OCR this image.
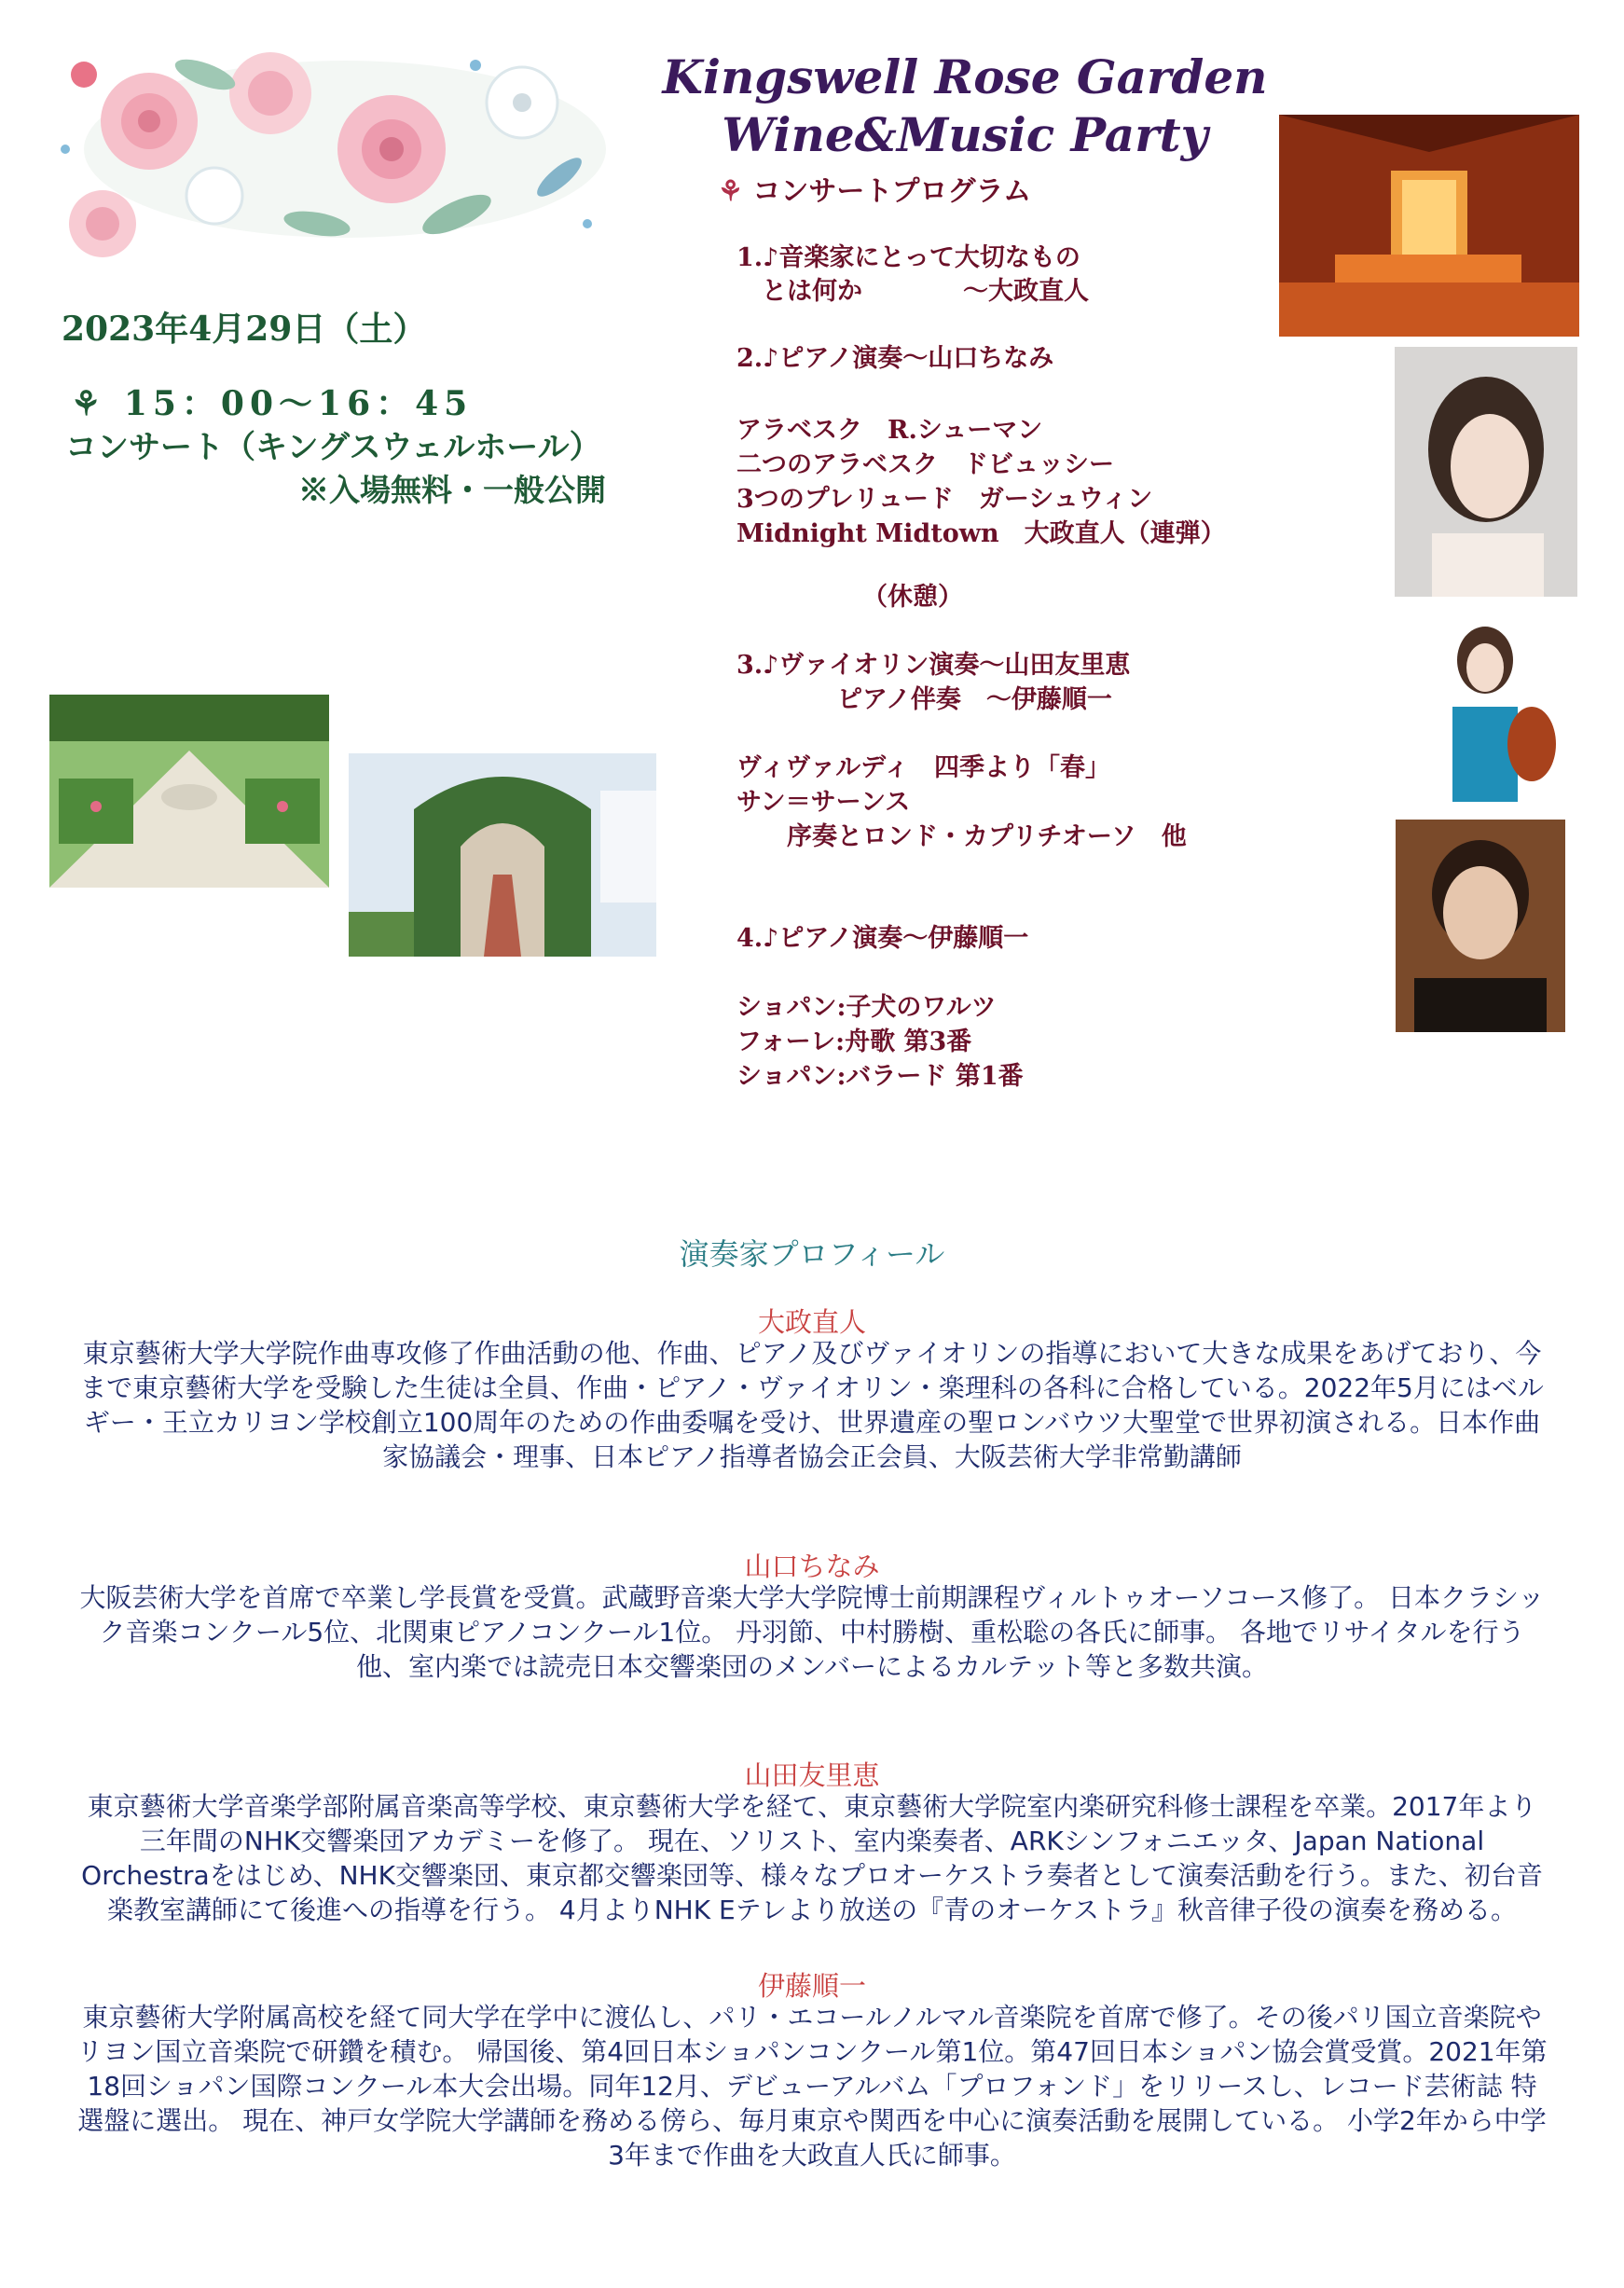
Kingswell Rose Garden
Wine&Music Party
2023年4月29日（土）
⚘ 15：00～16：45
コンサート（キングスウェルホール）
※入場無料・一般公開
⚘ コンサートプログラム
1.♪音楽家にとって大切なもの
　とは何か　　　　～大政直人
2.♪ピアノ演奏～山口ちなみ
アラベスク　R.シューマン
二つのアラベスク　ドビュッシー
3つのプレリュード　ガーシュウィン
Midnight Midtown　大政直人（連弾）
（休憩）
3.♪ヴァイオリン演奏～山田友里恵
　　　　ピアノ伴奏　～伊藤順一
ヴィヴァルディ　四季より「春」
サン＝サーンス
　　序奏とロンド・カプリチオーソ　他
4.♪ピアノ演奏～伊藤順一
ショパン:子犬のワルツ
フォーレ:舟歌 第3番
ショパン:バラード 第1番
演奏家プロフィール
大政直人
東京藝術大学大学院作曲専攻修了作曲活動の他、作曲、ピアノ及びヴァイオリンの指導において大きな成果をあげており、今まで東京藝術大学を受験した生徒は全員、作曲・ピアノ・ヴァイオリン・楽理科の各科に合格している。2022年5月にはベルギー・王立カリヨン学校創立100周年のための作曲委嘱を受け、世界遺産の聖ロンバウツ大聖堂で世界初演される。日本作曲家協議会・理事、日本ピアノ指導者協会正会員、大阪芸術大学非常勤講師
山口ちなみ
大阪芸術大学を首席で卒業し学長賞を受賞。武蔵野音楽大学大学院博士前期課程ヴィルトゥオーソコース修了。 日本クラシック音楽コンクール5位、北関東ピアノコンクール1位。 丹羽節、中村勝樹、重松聡の各氏に師事。 各地でリサイタルを行う他、室内楽では読売日本交響楽団のメンバーによるカルテット等と多数共演。
山田友里恵
東京藝術大学音楽学部附属音楽高等学校、東京藝術大学を経て、東京藝術大学院室内楽研究科修士課程を卒業。2017年より三年間のNHK交響楽団アカデミーを修了。 現在、ソリスト、室内楽奏者、ARKシンフォニエッタ、Japan National Orchestraをはじめ、NHK交響楽団、東京都交響楽団等、様々なプロオーケストラ奏者として演奏活動を行う。また、初台音楽教室講師にて後進への指導を行う。 4月よりNHK Eテレより放送の『青のオーケストラ』秋音律子役の演奏を務める。
伊藤順一
東京藝術大学附属高校を経て同大学在学中に渡仏し、パリ・エコールノルマル音楽院を首席で修了。その後パリ国立音楽院やリヨン国立音楽院で研鑽を積む。 帰国後、第4回日本ショパンコンクール第1位。第47回日本ショパン協会賞受賞。2021年第18回ショパン国際コンクール本大会出場。同年12月、デビューアルバム「プロフォンド」をリリースし、レコード芸術誌 特選盤に選出。 現在、神戸女学院大学講師を務める傍ら、毎月東京や関西を中心に演奏活動を展開している。 小学2年から中学3年まで作曲を大政直人氏に師事。
